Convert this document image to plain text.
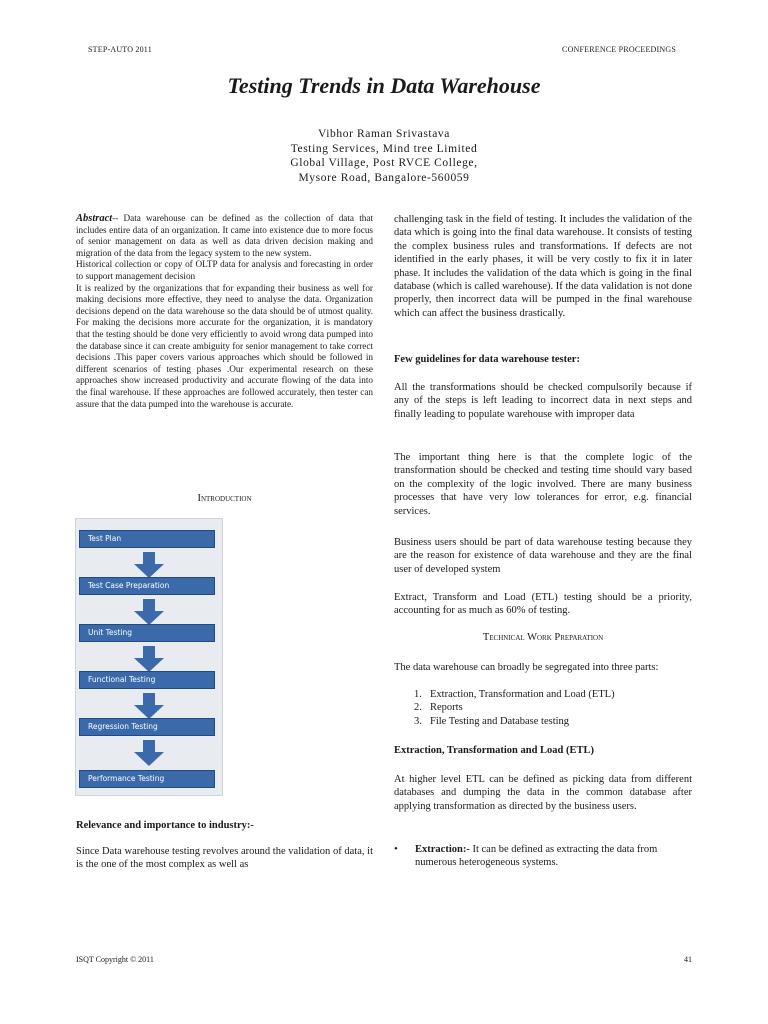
STEP-AUTO 2011	CONFERENCE PROCEEDINGS
Testing Trends in Data Warehouse
Vibhor Raman Srivastava
Testing Services, Mind tree Limited
Global Village, Post RVCE College,
Mysore Road, Bangalore-560059

Abstract-- Data warehouse can be defined as the collection of data that includes entire data of an organization. It came into existence due to more focus of senior management on data as well as data driven decision making and migration of the data from the legacy system to the new system.

Historical collection or copy of OLTP data for analysis and forecasting in order to support management decision

It is realized by the organizations that for expanding their business as well for making decisions more effective, they need to analyse the data. Organization decisions depend on the data warehouse so the data should be of utmost quality. For making the decisions more accurate for the organization, it is mandatory that the testing should be done very efficiently to avoid wrong data pumped into the database since it can create ambiguity for senior management to take correct decisions .This paper covers various approaches which should be followed in different scenarios of testing phases .Our experimental research on these approaches show increased productivity and accurate flowing of the data into the final warehouse. If these approaches are followed accurately, then tester can assure that the data pumped into the warehouse is accurate.

Introduction
Test Plan
Test Case Preparation
Unit Testing
Functional Testing
Regression Testing
Performance Testing
Relevance and importance to industry:-
Since Data warehouse testing revolves around the validation of data, it is the one of the most complex as well as
challenging task in the field of testing. It includes the validation of the data which is going into the final data warehouse. It consists of testing the complex business rules and transformations. If defects are not identified in the early phases, it will be very costly to fix it in later phase. It includes the validation of the data which is going in the final database (which is called warehouse). If the data validation is not done properly, then incorrect data will be pumped in the final warehouse which can affect the business drastically.
Few guidelines for data warehouse tester:
All the transformations should be checked compulsorily because if any of the steps is left leading to incorrect data in next steps and finally leading to populate warehouse with improper data
The important thing here is that the complete logic of the transformation should be checked and testing time should vary based on the complexity of the logic involved. There are many business processes that have very low tolerances for error, e.g. financial services.
Business users should be part of data warehouse testing because they are the reason for existence of data warehouse and they are the final user of developed system
Extract, Transform and Load (ETL) testing should be a priority, accounting for as much as 60% of testing.
Technical Work Preparation
The data warehouse can broadly be segregated into three parts:
1. Extraction, Transformation and Load (ETL)
2. Reports
3. File Testing and Database testing
Extraction, Transformation and Load (ETL)
At higher level ETL can be defined as picking data from different databases and dumping the data in the common database after applying transformation as directed by the business users.
• Extraction:- It can be defined as extracting the data from numerous heterogeneous systems.
ISQT Copyright © 2011	41
